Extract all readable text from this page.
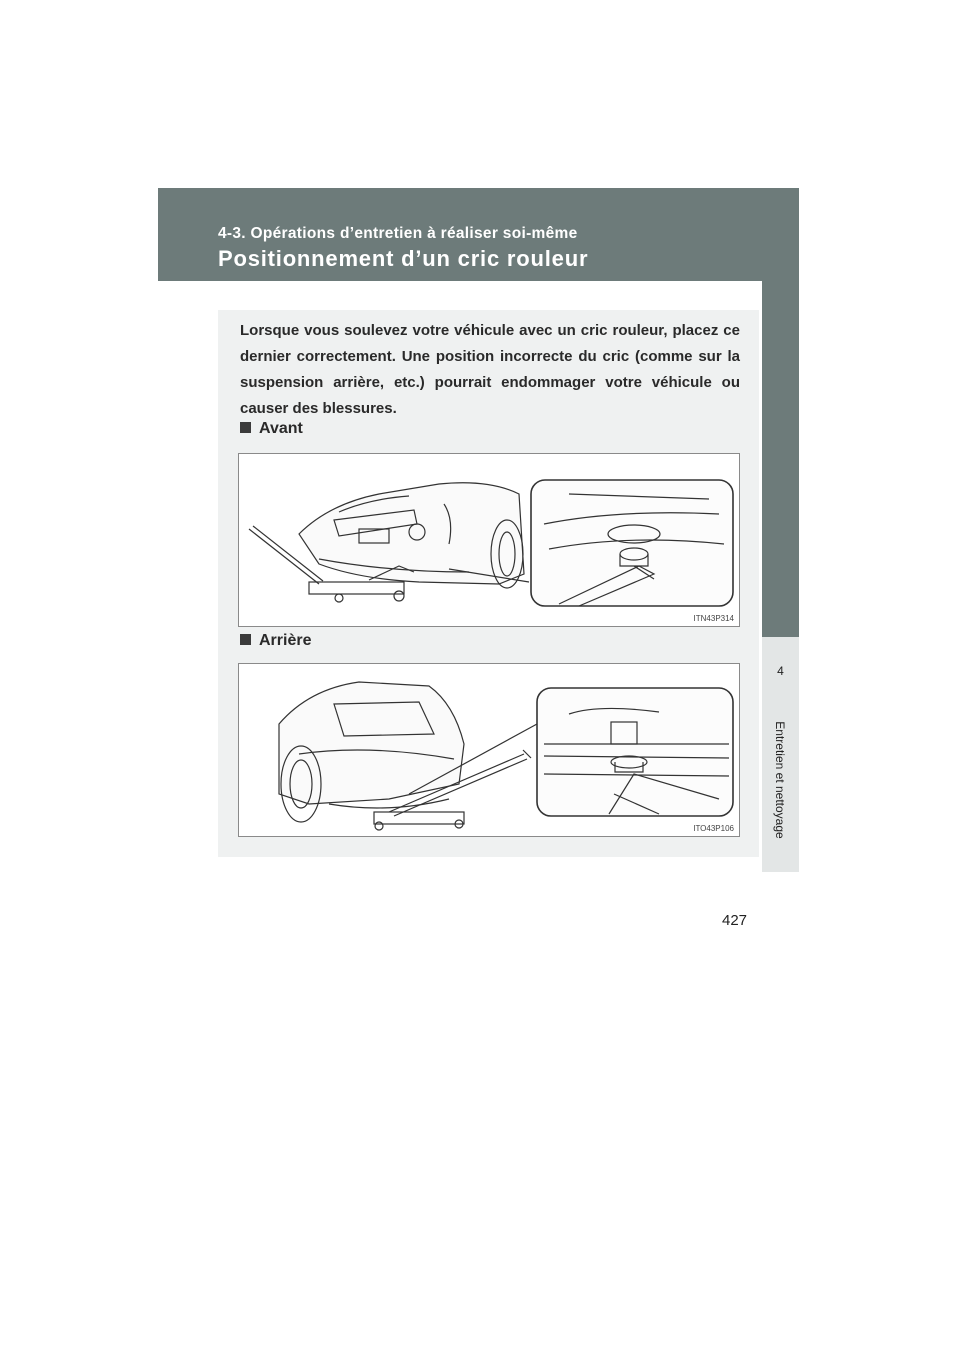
4-3. Opérations d’entretien à réaliser soi-même
Positionnement d’un cric rouleur
4
Entretien et nettoyage

Lorsque vous soulevez votre véhicule avec un cric rouleur, placez ce dernier correctement. Une position incorrecte du cric (comme sur la suspension arrière, etc.) pourrait endommager votre véhicule ou causer des blessures.

Avant
ITN43P314
Arrière
ITO43P106
427
